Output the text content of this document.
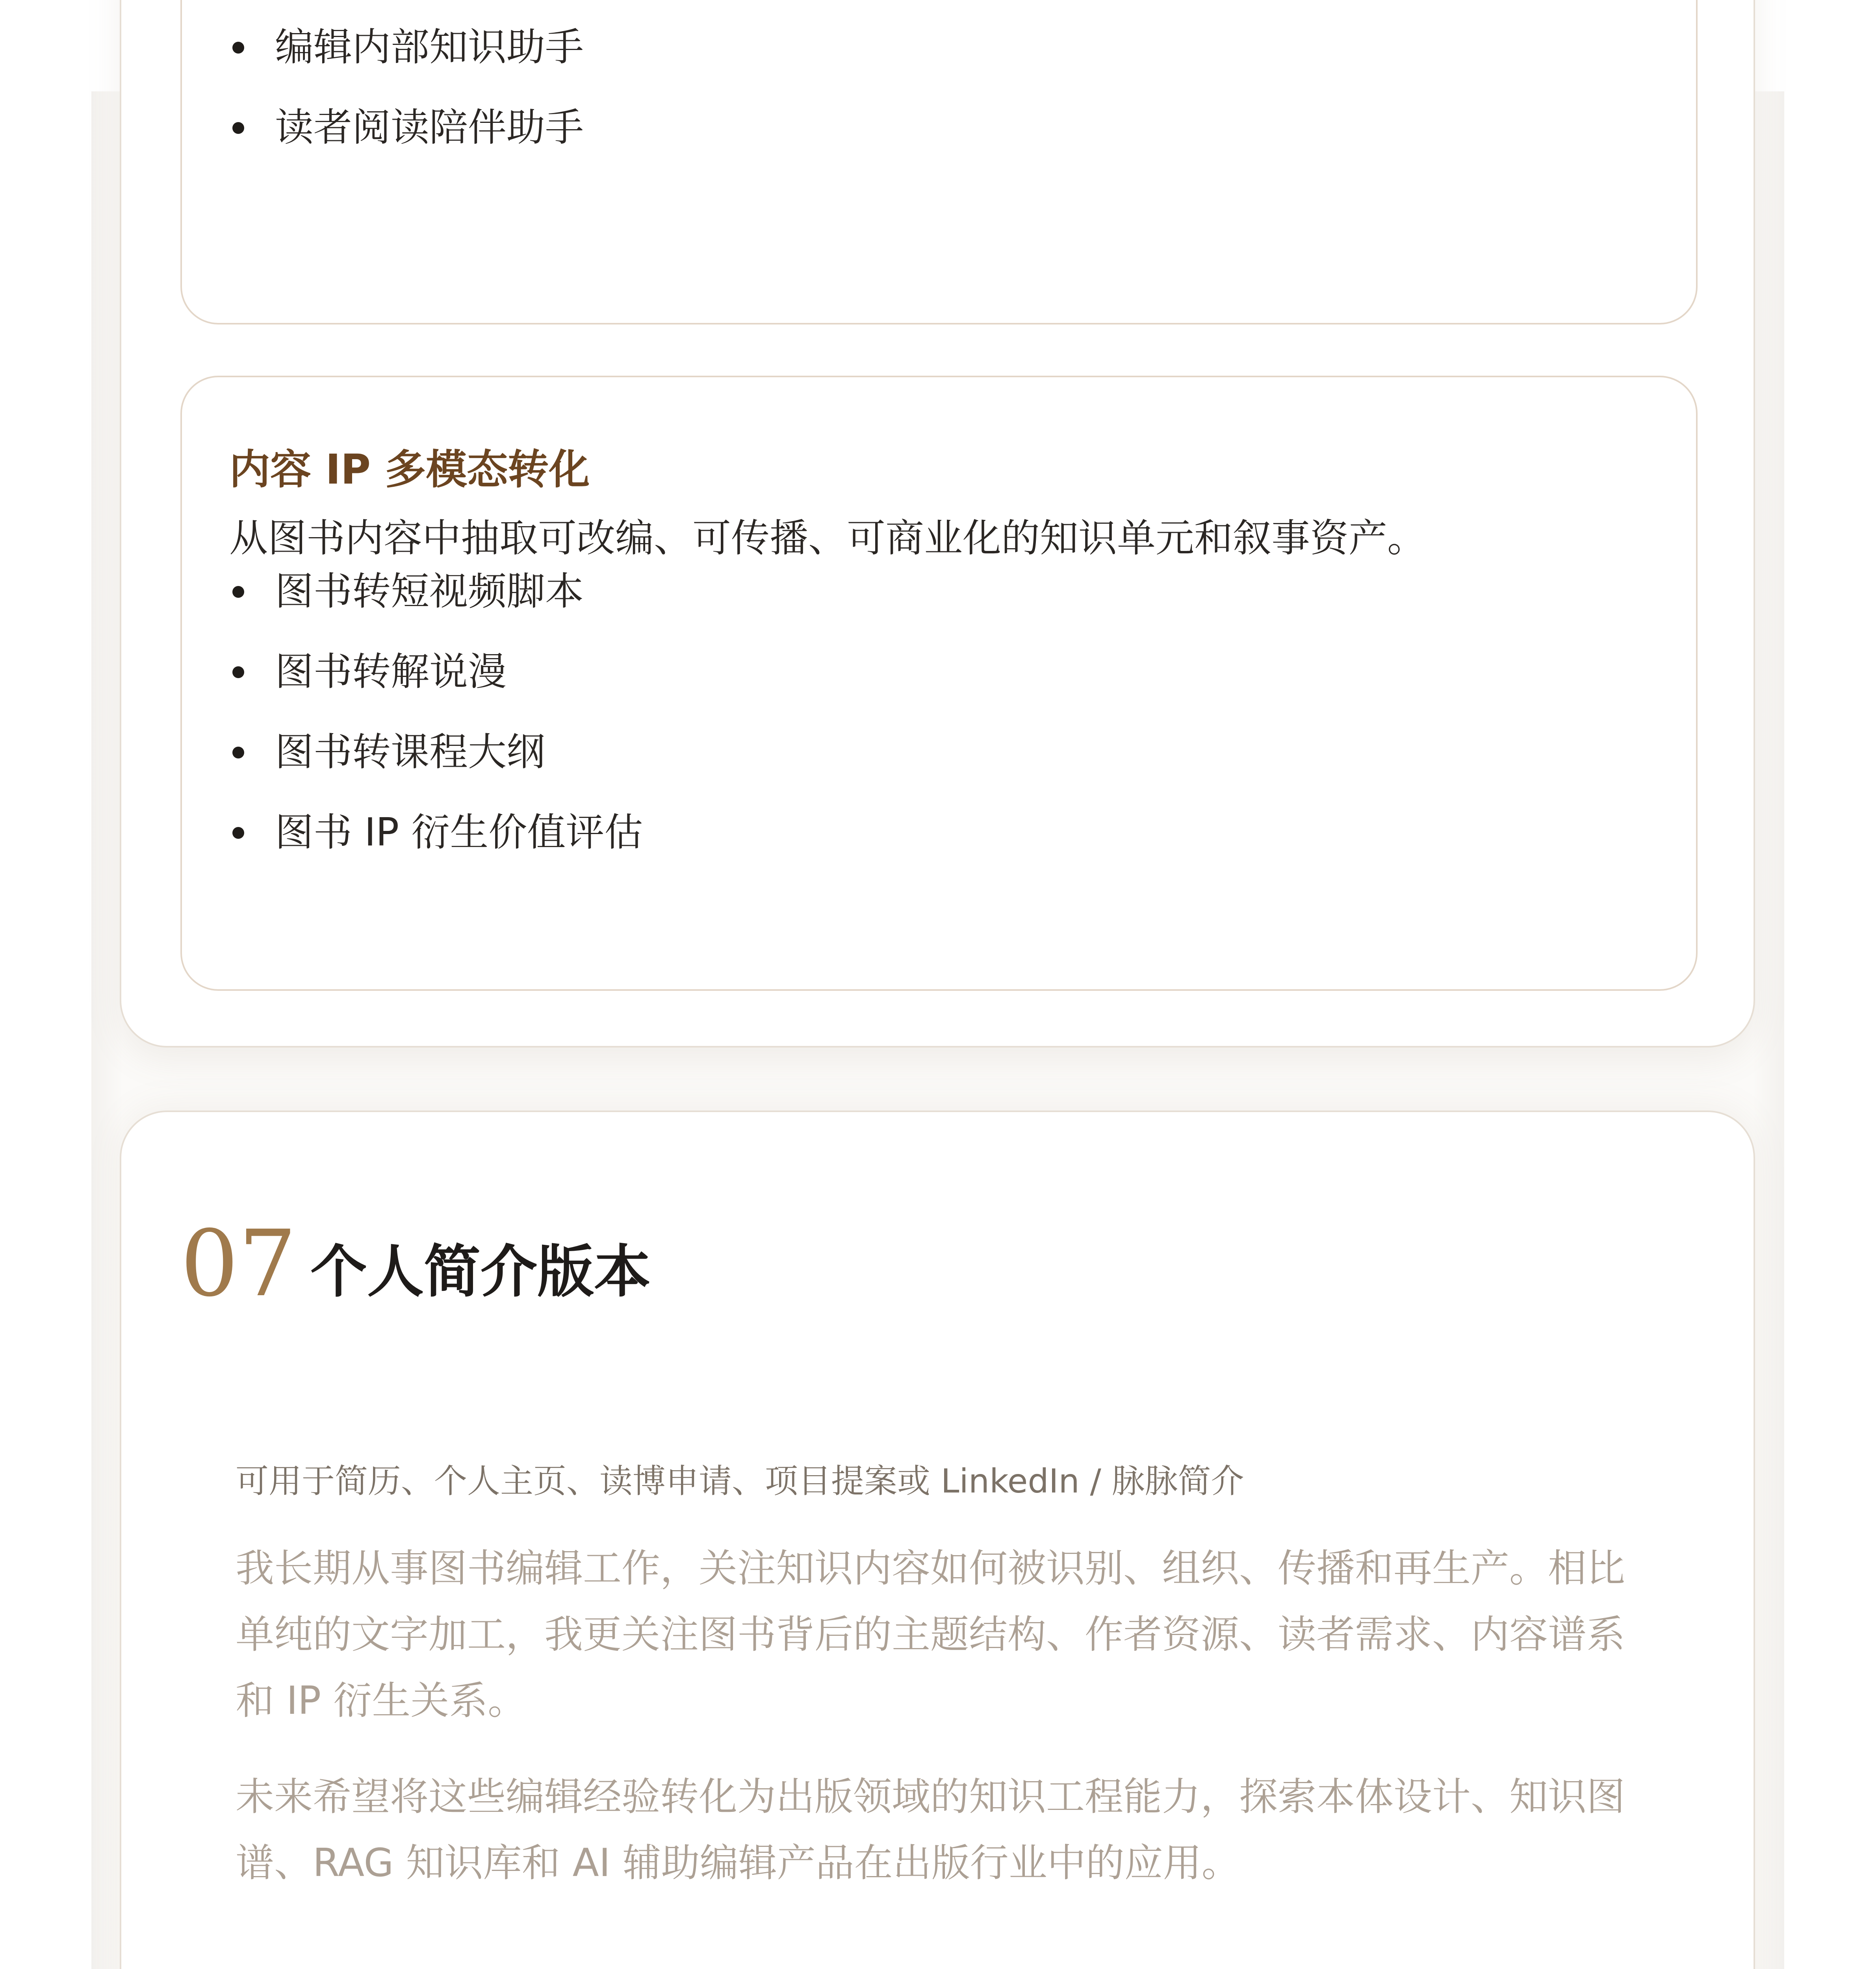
编辑内部知识助手
读者阅读陪伴助手
内容 IP 多模态转化
从图书内容中抽取可改编、可传播、可商业化的知识单元和叙事资产。
图书转短视频脚本
图书转解说漫
图书转课程大纲
图书 IP 衍生价值评估
07 个人简介版本
可用于简历、个人主页、读博申请、项目提案或 LinkedIn / 脉脉简介

我长期从事图书编辑工作，关注知识内容如何被识别、组织、传播和再生产。相比单纯的文字加工，我更关注图书背后的主题结构、作者资源、读者需求、内容谱系和 IP 衍生关系。

未来希望将这些编辑经验转化为出版领域的知识工程能力，探索本体设计、知识图谱、RAG 知识库和 AI 辅助编辑产品在出版行业中的应用。
